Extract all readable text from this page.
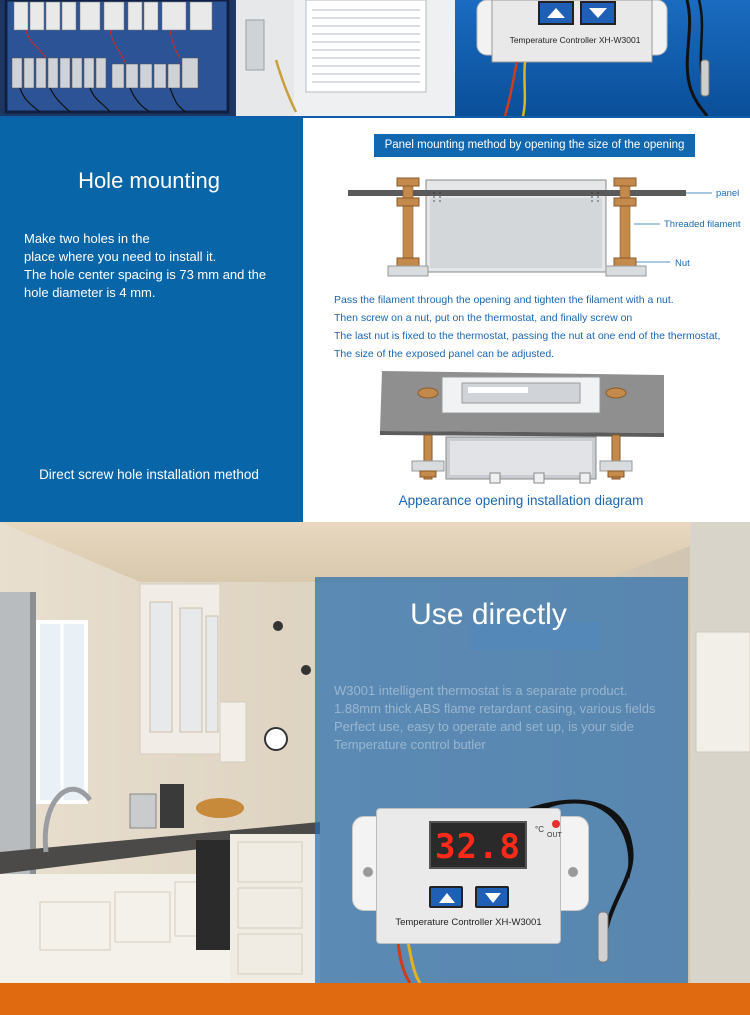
Temperature Controller XH-W3001
Hole mounting
Make two holes in the
place where you need to install it.
The hole center spacing is 73 mm and the
hole diameter is 4 mm.
Direct screw hole installation method
Panel mounting method by opening the size of the opening
panel
Threaded filament
Nut
Pass the filament through the opening and tighten the filament with a nut.
Then screw on a nut, put on the thermostat, and finally screw on
The last nut is fixed to the thermostat, passing the nut at one end of the thermostat,
The size of the exposed panel can be adjusted.
Appearance opening installation diagram
Use directly
W3001 intelligent thermostat is a separate product.
1.88mm thick ABS flame retardant casing, various fields
Perfect use, easy to operate and set up, is your side
Temperature control butler
32.8	°C
OUT
Temperature Controller XH-W3001
